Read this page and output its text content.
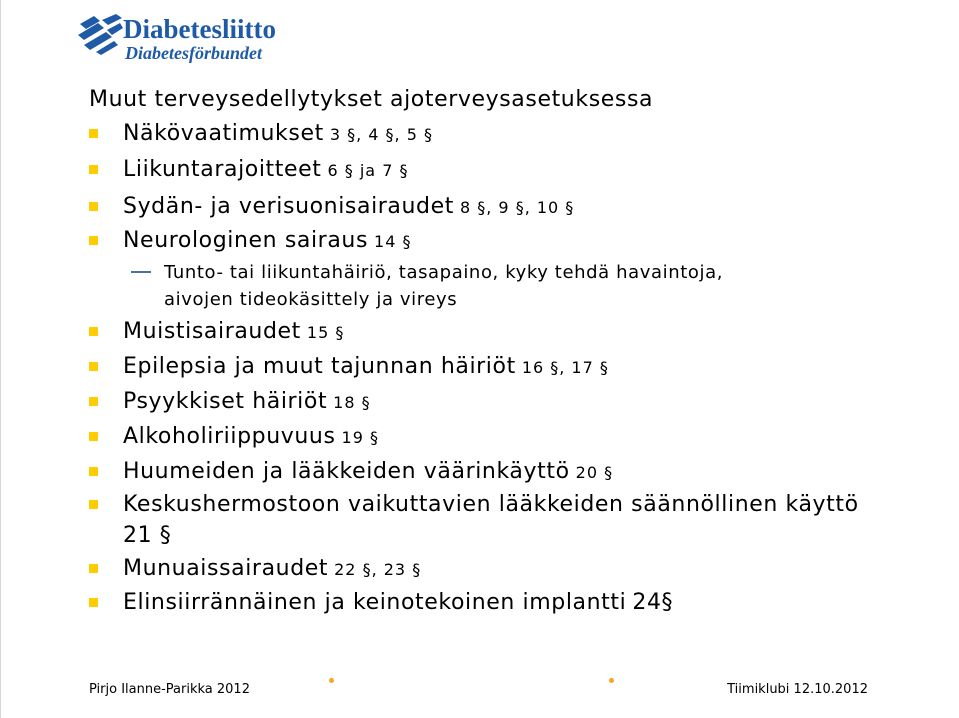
Diabetesliitto
Diabetesförbundet
Muut terveysedellytykset ajoterveysasetuksessa
Näkövaatimukset 3 §, 4 §, 5 §
Liikuntarajoitteet 6 § ja 7 §
Sydän- ja verisuonisairaudet 8 §, 9 §, 10 §
Neurologinen sairaus 14 §
Tunto- tai liikuntahäiriö, tasapaino, kyky tehdä havaintoja,
aivojen tideokäsittely ja vireys
Muistisairaudet 15 §
Epilepsia ja muut tajunnan häiriöt 16 §, 17 §
Psyykkiset häiriöt 18 §
Alkoholiriippuvuus 19 §
Huumeiden ja lääkkeiden väärinkäyttö 20 §
Keskushermostoon vaikuttavien lääkkeiden säännöllinen käyttö
21 §
Munuaissairaudet 22 §, 23 §
Elinsiirrännäinen ja keinotekoinen implantti 24§
Pirjo Ilanne-Parikka 2012	Tiimiklubi 12.10.2012
